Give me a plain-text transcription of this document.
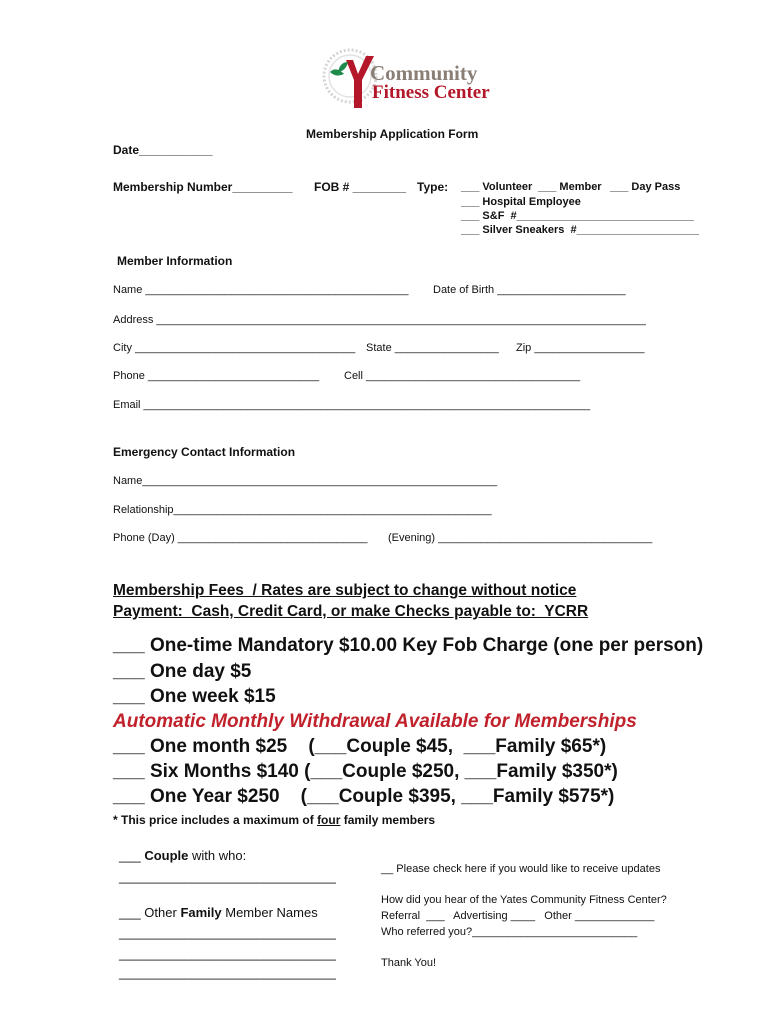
Community

Fitness Center

Membership Application Form
Date___________
Membership Number_________ FOB # ________ Type: ___ Volunteer ___ Member ___ Day Pass
___ Hospital Employee
___ S&F  #_____________________________
___ Silver Sneakers  #____________________
Member Information
Name ___________________________________________ Date of Birth _____________________
Address ________________________________________________________________________________
City ____________________________________ State _________________ Zip __________________
Phone ____________________________ Cell ___________________________________
Email _________________________________________________________________________
Emergency Contact Information
Name__________________________________________________________
Relationship____________________________________________________
Phone (Day) _______________________________ (Evening) ___________________________________
Membership Fees  / Rates are subject to change without notice
Payment:  Cash, Credit Card, or make Checks payable to:  YCRR
___ One-time Mandatory $10.00 Key Fob Charge (one per person)
___ One day $5
___ One week $15
Automatic Monthly Withdrawal Available for Memberships
___ One month $25    (___Couple $45,  ___Family $65*)
___ Six Months $140 (___Couple $250, ___Family $350*)
___ One Year $250    (___Couple $395, ___Family $575*)
* This price includes a maximum of four family members
___ Couple with who:
______________________________
___ Other Family Member Names
______________________________
______________________________
______________________________
__ Please check here if you would like to receive updates
How did you hear of the Yates Community Fitness Center?
Referral  ___   Advertising ____   Other _____________
Who referred you?___________________________
Thank You!
